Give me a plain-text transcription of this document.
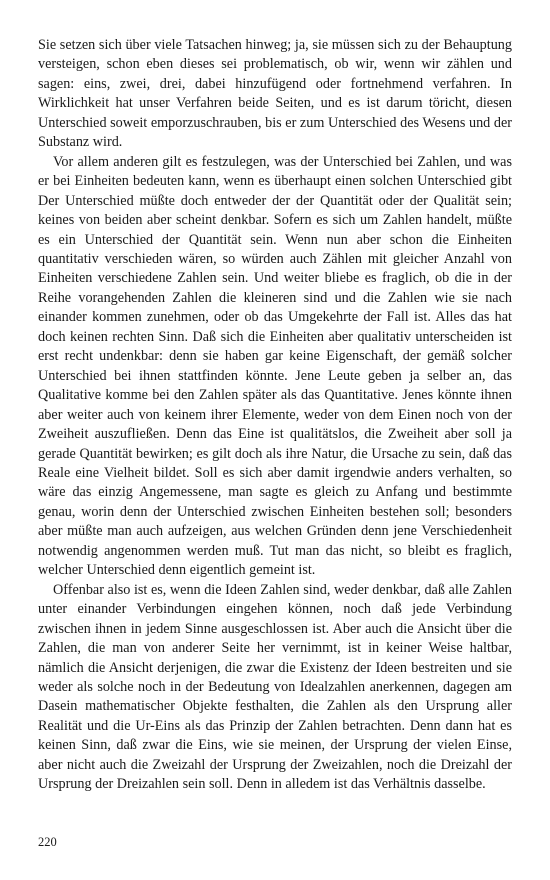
Sie setzen sich über viele Tatsachen hinweg; ja, sie müssen sich zu der Behauptung versteigen, schon eben dieses sei problematisch, ob wir, wenn wir zählen und sagen: eins, zwei, drei, dabei hinzufügend oder fortnehmend verfahren. In Wirklichkeit hat unser Verfahren beide Seiten, und es ist darum töricht, diesen Unterschied soweit emporzuschrauben, bis er zum Unterschied des Wesens und der Substanz wird.

Vor allem anderen gilt es festzulegen, was der Unterschied bei Zahlen, und was er bei Einheiten bedeuten kann, wenn es überhaupt einen solchen Unterschied gibt Der Unterschied müßte doch entweder der der Quantität oder der Qualität sein; keines von beiden aber scheint denkbar. Sofern es sich um Zahlen handelt, müßte es ein Unterschied der Quantität sein. Wenn nun aber schon die Einheiten quantitativ verschieden wären, so würden auch Zählen mit gleicher Anzahl von Einheiten verschiedene Zahlen sein. Und weiter bliebe es fraglich, ob die in der Reihe vorangehenden Zahlen die kleineren sind und die Zahlen wie sie nach einander kommen zunehmen, oder ob das Umgekehrte der Fall ist. Alles das hat doch keinen rechten Sinn. Daß sich die Einheiten aber qualitativ unterscheiden ist erst recht undenkbar: denn sie haben gar keine Eigenschaft, der gemäß solcher Unterschied bei ihnen stattfinden könnte. Jene Leute geben ja selber an, das Qualitative komme bei den Zahlen später als das Quantitative. Jenes könnte ihnen aber weiter auch von keinem ihrer Elemente, weder von dem Einen noch von der Zweiheit auszufließen. Denn das Eine ist qualitätslos, die Zweiheit aber soll ja gerade Quantität bewirken; es gilt doch als ihre Natur, die Ursache zu sein, daß das Reale eine Vielheit bildet. Soll es sich aber damit irgendwie anders verhalten, so wäre das einzig Angemessene, man sagte es gleich zu Anfang und bestimmte genau, worin denn der Unterschied zwischen Einheiten bestehen soll; besonders aber müßte man auch aufzeigen, aus welchen Gründen denn jene Verschiedenheit notwendig angenommen werden muß. Tut man das nicht, so bleibt es fraglich, welcher Unterschied denn eigentlich gemeint ist.

Offenbar also ist es, wenn die Ideen Zahlen sind, weder denkbar, daß alle Zahlen unter einander Verbindungen eingehen können, noch daß jede Verbindung zwischen ihnen in jedem Sinne ausgeschlossen ist. Aber auch die Ansicht über die Zahlen, die man von anderer Seite her vernimmt, ist in keiner Weise haltbar, nämlich die Ansicht derjenigen, die zwar die Existenz der Ideen bestreiten und sie weder als solche noch in der Bedeutung von Idealzahlen anerkennen, dagegen am Dasein mathematischer Objekte festhalten, die Zahlen als den Ursprung aller Realität und die Ur-Eins als das Prinzip der Zahlen betrachten. Denn dann hat es keinen Sinn, daß zwar die Eins, wie sie meinen, der Ursprung der vielen Einse, aber nicht auch die Zweizahl der Ursprung der Zweizahlen, noch die Dreizahl der Ursprung der Dreizahlen sein soll. Denn in alledem ist das Verhältnis dasselbe.

220
